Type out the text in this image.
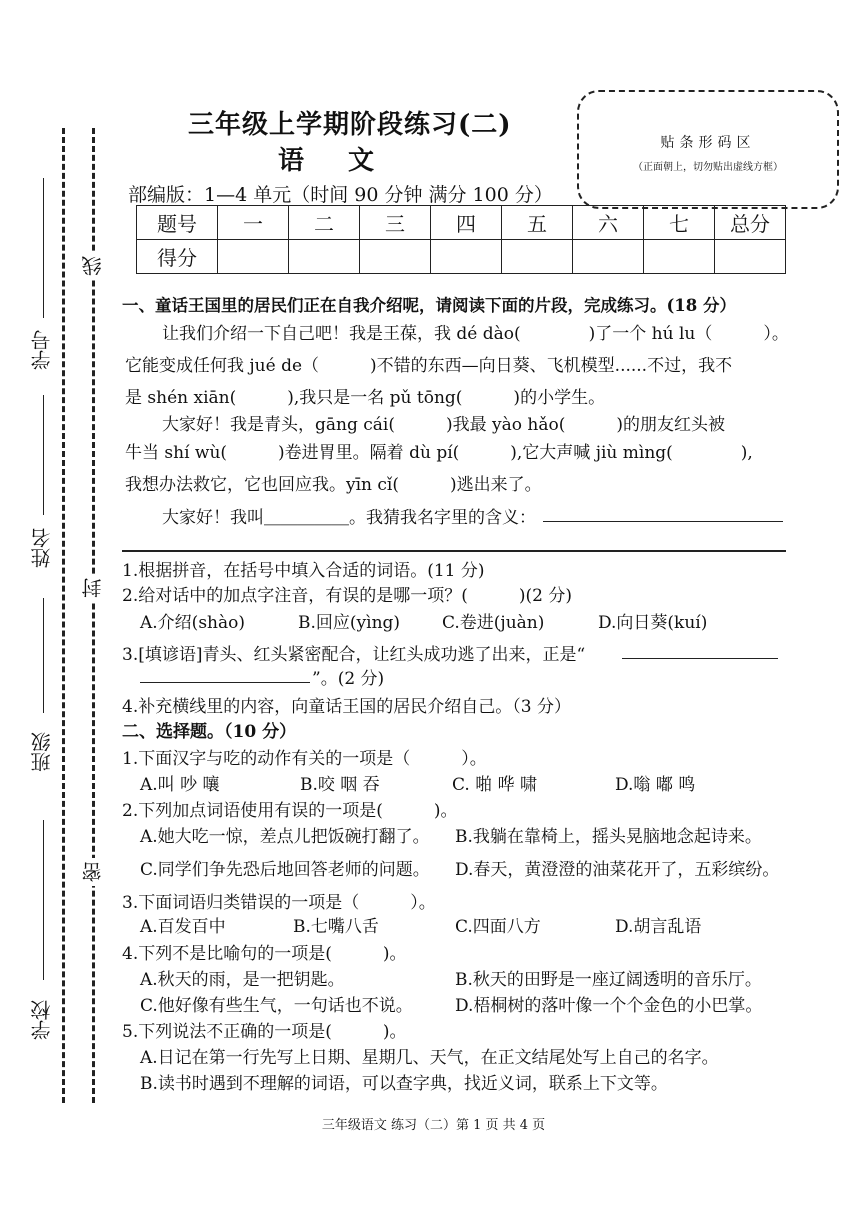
学号
姓名
班级
学校
线
封
密
三年级上学期阶段练习(二)
语文
部编版：1—4 单元（时间 90 分钟 满分 100 分）
贴条形码区
（正面朝上，切勿贴出虚线方框）
题号	一	二	三	四	五	六	七	总分
得分								
一、童话王国里的居民们正在自我介绍呢，请阅读下面的片段，完成练习。(18 分）
让我们介绍一下自己吧！我是王葆，我 dé dào(　　　　)了一个 hú lu（　　　）。
它能变成任何我 jué de（　　　)不错的东西—向日葵、飞机模型......不过，我不
是 shén xiān(　　　),我只是一名 pǔ tōng(　　　)的小学生。
大家好！我是青头，gāng cái(　　　)我最 yào hǎo(　　　)的朋友红头被
牛当 shí wù(　　　)卷进胃里。隔着 dù pí(　　　),它大声喊 jiù mìng(　　　　),
我想办法救它，它也回应我。yīn cǐ(　　　)逃出来了。
大家好！我叫＿＿＿＿＿。我猜我名字里的含义：
1.根据拼音，在括号中填入合适的词语。(11 分)
2.给对话中的加点字注音，有误的是哪一项？(　　　)(2 分)
A.介绍(shào)	B.回应(yìng) C.卷进(juàn)	D.向日葵(kuí)
3.[填谚语]青头、红头紧密配合，让红头成功逃了出来，正是“
”。(2 分)
4.补充横线里的内容，向童话王国的居民介绍自己。（3 分）
二、选择题。（10 分）
1.下面汉字与吃的动作有关的一项是（　　　）。
A.叫 吵 嚷	B.咬 咽 吞	C. 啪 哗 啸	D.嗡 嘟 鸣
2.下列加点词语使用有误的一项是(　　　)。
A.她大吃一惊，差点儿把饭碗打翻了。 B.我躺在靠椅上，摇头晃脑地念起诗来。
C.同学们争先恐后地回答老师的问题。 D.春天，黄澄澄的油菜花开了，五彩缤纷。
3.下面词语归类错误的一项是（　　　）。
A.百发百中	B.七嘴八舌	C.四面八方	D.胡言乱语
4.下列不是比喻句的一项是(　　　)。
A.秋天的雨，是一把钥匙。	B.秋天的田野是一座辽阔透明的音乐厅。
C.他好像有些生气，一句话也不说。 D.梧桐树的落叶像一个个金色的小巴掌。
5.下列说法不正确的一项是(　　　)。
A.日记在第一行先写上日期、星期几、天气，在正文结尾处写上自己的名字。
B.读书时遇到不理解的词语，可以查字典，找近义词，联系上下文等。
三年级语文 练习（二）第 1 页 共 4 页
